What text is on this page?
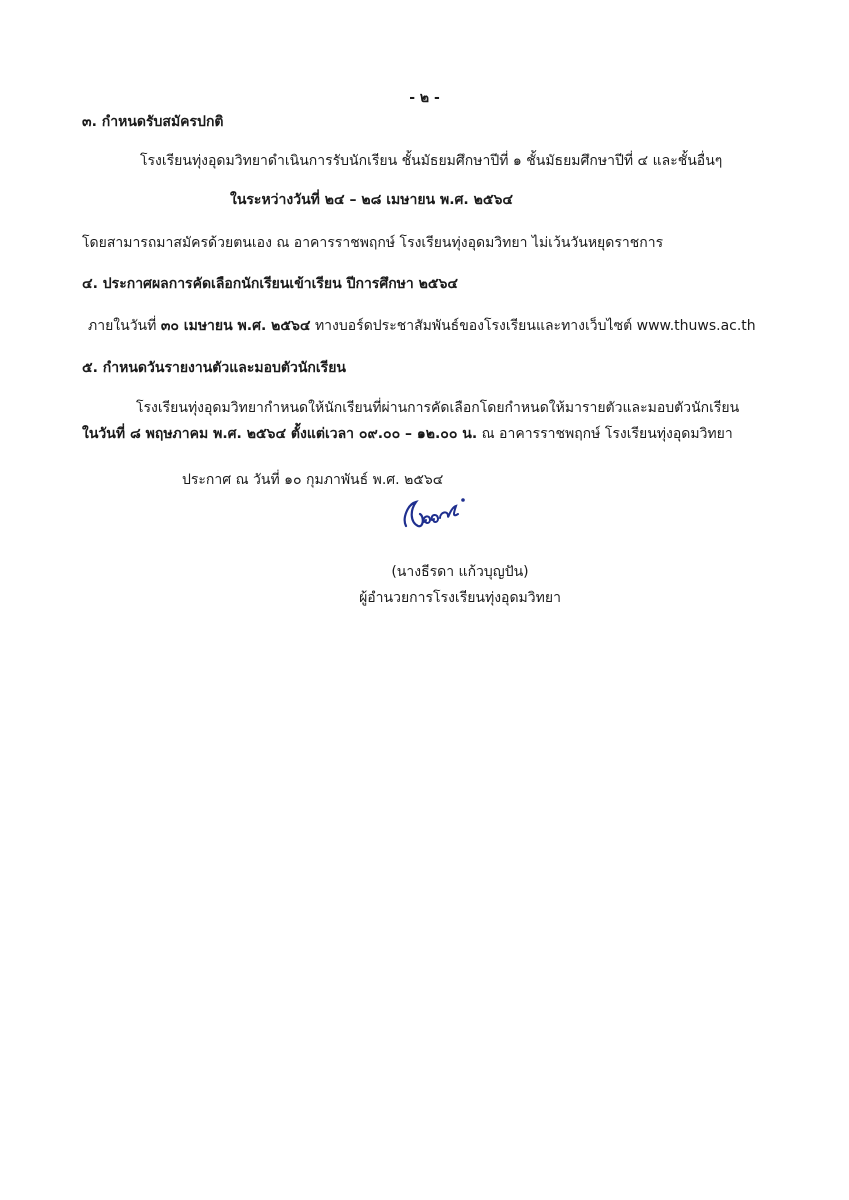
- ๒ -
๓. กำหนดรับสมัครปกติ
โรงเรียนทุ่งอุดมวิทยาดำเนินการรับนักเรียน ชั้นมัธยมศึกษาปีที่ ๑ ชั้นมัธยมศึกษาปีที่ ๔ และชั้นอื่นๆ
ในระหว่างวันที่ ๒๔ – ๒๘ เมษายน พ.ศ. ๒๕๖๔
โดยสามารถมาสมัครด้วยตนเอง ณ อาคารราชพฤกษ์ โรงเรียนทุ่งอุดมวิทยา ไม่เว้นวันหยุดราชการ
๔. ประกาศผลการคัดเลือกนักเรียนเข้าเรียน ปีการศึกษา ๒๕๖๔
ภายในวันที่ ๓๐ เมษายน พ.ศ. ๒๕๖๔ ทางบอร์ดประชาสัมพันธ์ของโรงเรียนและทางเว็บไซต์ www.thuws.ac.th
๕. กำหนดวันรายงานตัวและมอบตัวนักเรียน
โรงเรียนทุ่งอุดมวิทยากำหนดให้นักเรียนที่ผ่านการคัดเลือกโดยกำหนดให้มารายตัวและมอบตัวนักเรียน
ในวันที่ ๘ พฤษภาคม พ.ศ. ๒๕๖๔ ตั้งแต่เวลา ๐๙.๐๐ – ๑๒.๐๐ น. ณ อาคารราชพฤกษ์ โรงเรียนทุ่งอุดมวิทยา
ประกาศ ณ วันที่ ๑๐ กุมภาพันธ์ พ.ศ. ๒๕๖๔
(นางธีรดา แก้วบุญปัน)
ผู้อำนวยการโรงเรียนทุ่งอุดมวิทยา
